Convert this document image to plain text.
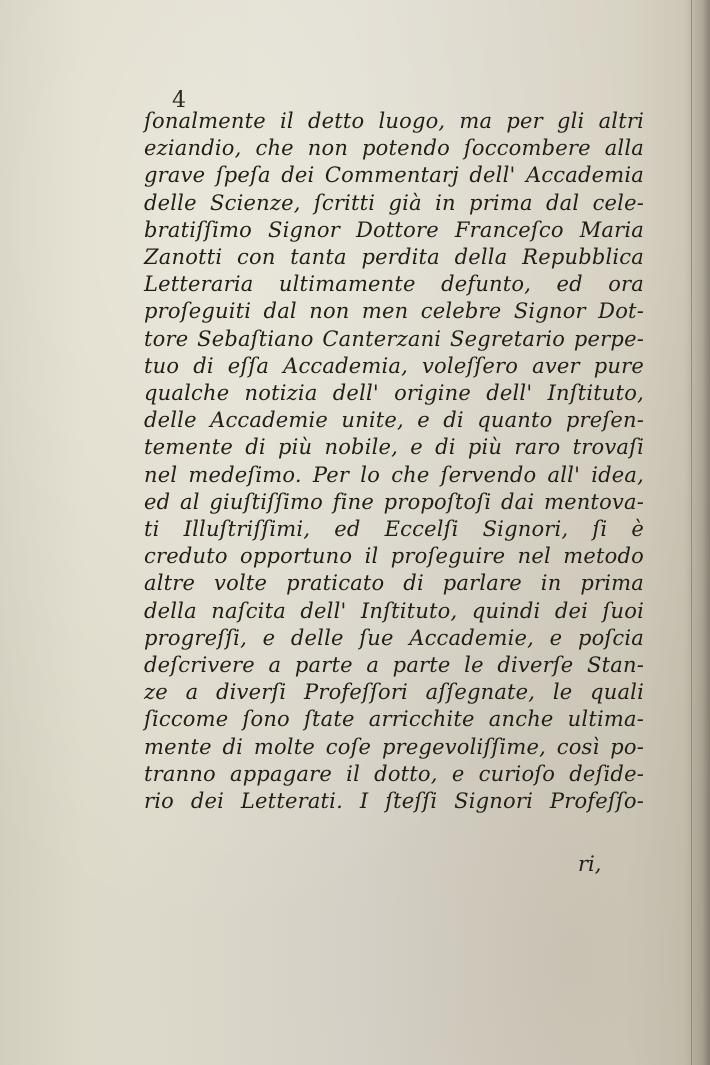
4
ſonalmente il detto luogo, ma per gli altri
eziandio, che non potendo ſoccombere alla
grave ſpeſa dei Commentarj dell' Accademia
delle Scienze, ſcritti già in prima dal cele-
bratiſſimo Signor Dottore Franceſco Maria
Zanotti con tanta perdita della Repubblica
Letteraria ultimamente defunto, ed ora
proſeguiti dal non men celebre Signor Dot-
tore Sebaſtiano Canterzani Segretario perpe-
tuo di eſſa Accademia, voleſſero aver pure
qualche notizia dell' origine dell' Inſtituto,
delle Accademie unite, e di quanto preſen-
temente di più nobile, e di più raro trovaſi
nel medeſimo. Per lo che ſervendo all' idea,
ed al giuſtiſſimo fine propoſtoſi dai mentova-
ti Illuſtriſſimi, ed Eccelſi Signori, ſi è
creduto opportuno il proſeguire nel metodo
altre volte praticato di parlare in prima
della naſcita dell' Inſtituto, quindi dei ſuoi
progreſſi, e delle ſue Accademie, e poſcia
deſcrivere a parte a parte le diverſe Stan-
ze a diverſi Profeſſori aſſegnate, le quali
ſiccome ſono ſtate arricchite anche ultima-
mente di molte coſe pregevoliſſime, così po-
tranno appagare il dotto, e curioſo deſide-
rio dei Letterati. I ſteſſi Signori Profeſſo-
ri,
